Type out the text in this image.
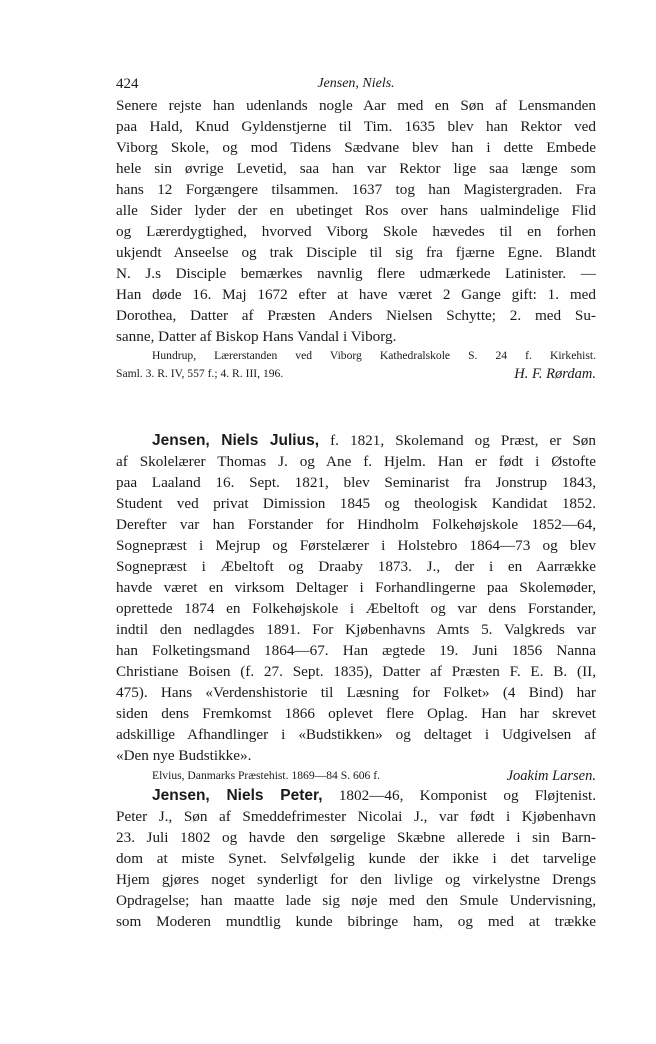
424	Jensen, Niels.
Senere rejste han udenlands nogle Aar med en Søn af Lensmanden
paa Hald, Knud Gyldenstjerne til Tim. 1635 blev han Rektor ved
Viborg Skole, og mod Tidens Sædvane blev han i dette Embede
hele sin øvrige Levetid, saa han var Rektor lige saa længe som
hans 12 Forgængere tilsammen. 1637 tog han Magistergraden. Fra
alle Sider lyder der en ubetinget Ros over hans ualmindelige Flid
og Lærerdygtighed, hvorved Viborg Skole hævedes til en forhen
ukjendt Anseelse og trak Disciple til sig fra fjærne Egne. Blandt
N. J.s Disciple bemærkes navnlig flere udmærkede Latinister. —
Han døde 16. Maj 1672 efter at have været 2 Gange gift: 1. med
Dorothea, Datter af Præsten Anders Nielsen Schytte; 2. med Su-
sanne, Datter af Biskop Hans Vandal i Viborg.
Hundrup, Lærerstanden ved Viborg Kathedralskole S. 24 f. Kirkehist.
Saml. 3. R. IV, 557 f.; 4. R. III, 196.	H. F. Rørdam.
Jensen, Niels Julius, f. 1821, Skolemand og Præst, er Søn
af Skolelærer Thomas J. og Ane f. Hjelm. Han er født i Østofte
paa Laaland 16. Sept. 1821, blev Seminarist fra Jonstrup 1843,
Student ved privat Dimission 1845 og theologisk Kandidat 1852.
Derefter var han Forstander for Hindholm Folkehøjskole 1852—64,
Sognepræst i Mejrup og Førstelærer i Holstebro 1864—73 og blev
Sognepræst i Æbeltoft og Draaby 1873. J., der i en Aarrække
havde været en virksom Deltager i Forhandlingerne paa Skolemøder,
oprettede 1874 en Folkehøjskole i Æbeltoft og var dens Forstander,
indtil den nedlagdes 1891. For Kjøbenhavns Amts 5. Valgkreds var
han Folketingsmand 1864—67. Han ægtede 19. Juni 1856 Nanna
Christiane Boisen (f. 27. Sept. 1835), Datter af Præsten F. E. B. (II,
475). Hans «Verdenshistorie til Læsning for Folket» (4 Bind) har
siden dens Fremkomst 1866 oplevet flere Oplag. Han har skrevet
adskillige Afhandlinger i «Budstikken» og deltaget i Udgivelsen af
«Den nye Budstikke».
Elvius, Danmarks Præstehist. 1869—84 S. 606 f.	Joakim Larsen.
Jensen, Niels Peter, 1802—46, Komponist og Fløjtenist.
Peter J., Søn af Smeddefrimester Nicolai J., var født i Kjøbenhavn
23. Juli 1802 og havde den sørgelige Skæbne allerede i sin Barn-
dom at miste Synet. Selvfølgelig kunde der ikke i det tarvelige
Hjem gjøres noget synderligt for den livlige og virkelystne Drengs
Opdragelse; han maatte lade sig nøje med den Smule Undervisning,
som Moderen mundtlig kunde bibringe ham, og med at trække
